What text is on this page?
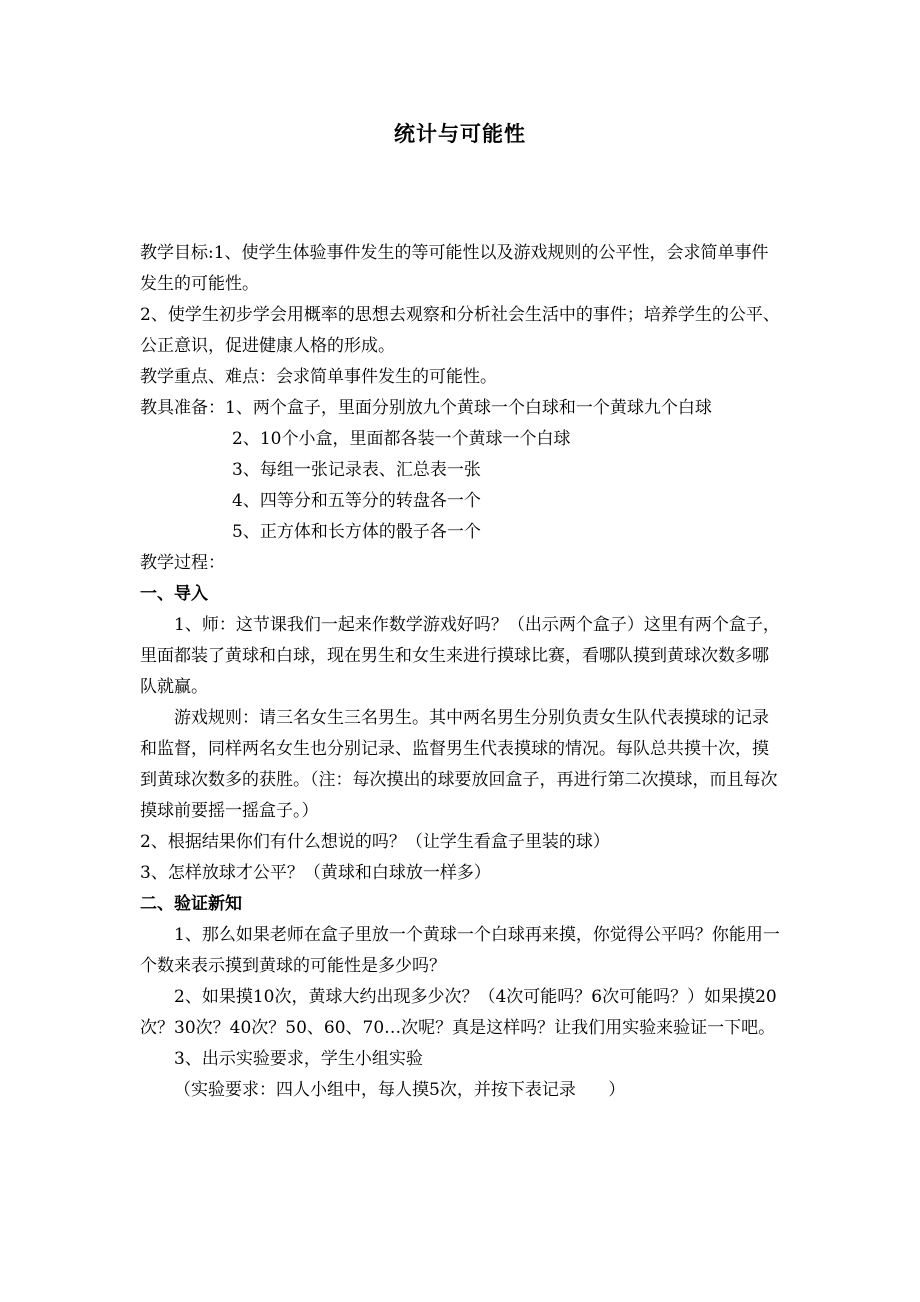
统计与可能性

教学目标:1、使学生体验事件发生的等可能性以及游戏规则的公平性，会求简单事件发生的可能性。

2、使学生初步学会用概率的思想去观察和分析社会生活中的事件；培养学生的公平、公正意识，促进健康人格的形成。

教学重点、难点：会求简单事件发生的可能性。

教具准备：1、两个盒子，里面分别放九个黄球一个白球和一个黄球九个白球

2、10个小盒，里面都各装一个黄球一个白球

3、每组一张记录表、汇总表一张

4、四等分和五等分的转盘各一个

5、正方体和长方体的骰子各一个

教学过程：

一、导入

1、师：这节课我们一起来作数学游戏好吗？（出示两个盒子）这里有两个盒子，里面都装了黄球和白球，现在男生和女生来进行摸球比赛，看哪队摸到黄球次数多哪队就赢。

游戏规则：请三名女生三名男生。其中两名男生分别负责女生队代表摸球的记录和监督，同样两名女生也分别记录、监督男生代表摸球的情况。每队总共摸十次，摸到黄球次数多的获胜。（注：每次摸出的球要放回盒子，再进行第二次摸球，而且每次摸球前要摇一摇盒子。）

2、根据结果你们有什么想说的吗？（让学生看盒子里装的球）

3、怎样放球才公平？（黄球和白球放一样多）

二、验证新知

1、那么如果老师在盒子里放一个黄球一个白球再来摸，你觉得公平吗？你能用一个数来表示摸到黄球的可能性是多少吗？

2、如果摸10次，黄球大约出现多少次？（4次可能吗？6次可能吗？）如果摸20次？30次？40次？50、60、70…次呢？真是这样吗？让我们用实验来验证一下吧。

3、出示实验要求，学生小组实验

（实验要求：四人小组中，每人摸5次，并按下表记录      ）
